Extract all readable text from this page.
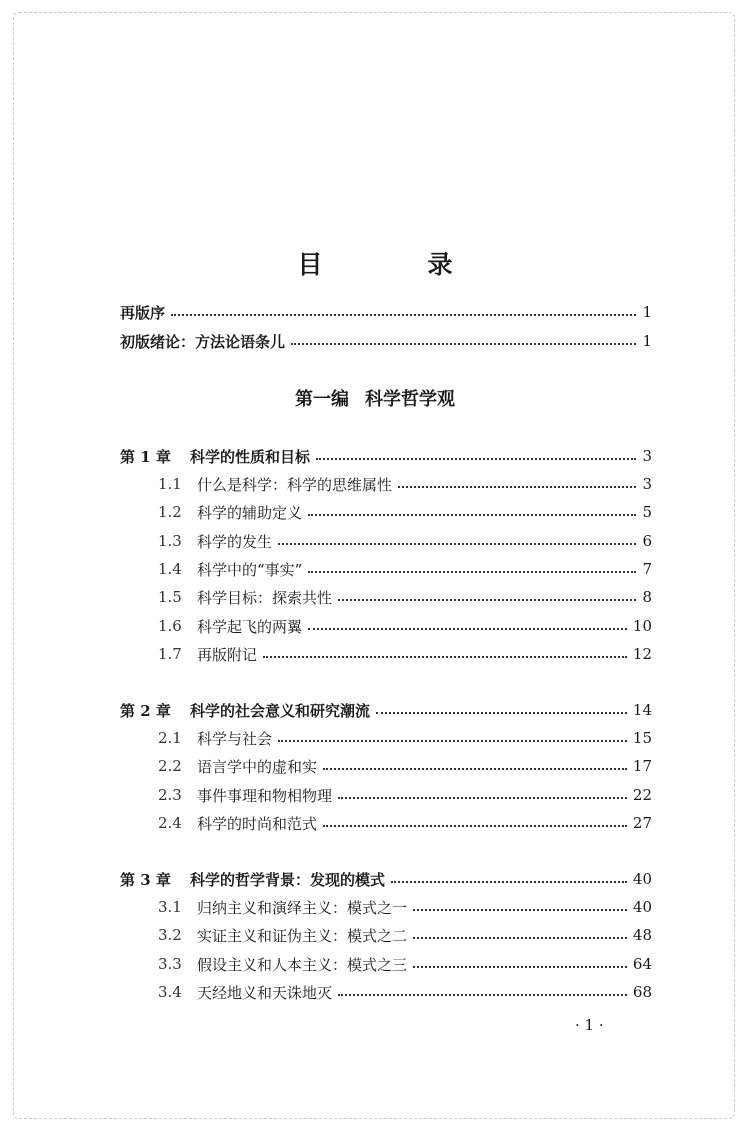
目　录
再版序	1
初版绪论：方法论语条儿	1
第一编 科学哲学观
第 1 章	科学的性质和目标	3
1.1	什么是科学：科学的思维属性	3
1.2	科学的辅助定义	5
1.3	科学的发生	6
1.4	科学中的“事实”	7
1.5	科学目标：探索共性	8
1.6	科学起飞的两翼	10
1.7	再版附记	12
第 2 章	科学的社会意义和研究潮流	14
2.1	科学与社会	15
2.2	语言学中的虚和实	17
2.3	事件事理和物相物理	22
2.4	科学的时尚和范式	27
第 3 章	科学的哲学背景：发现的模式	40
3.1	归纳主义和演绎主义：模式之一	40
3.2	实证主义和证伪主义：模式之二	48
3.3	假设主义和人本主义：模式之三	64
3.4	天经地义和天诛地灭	68
· 1 ·
